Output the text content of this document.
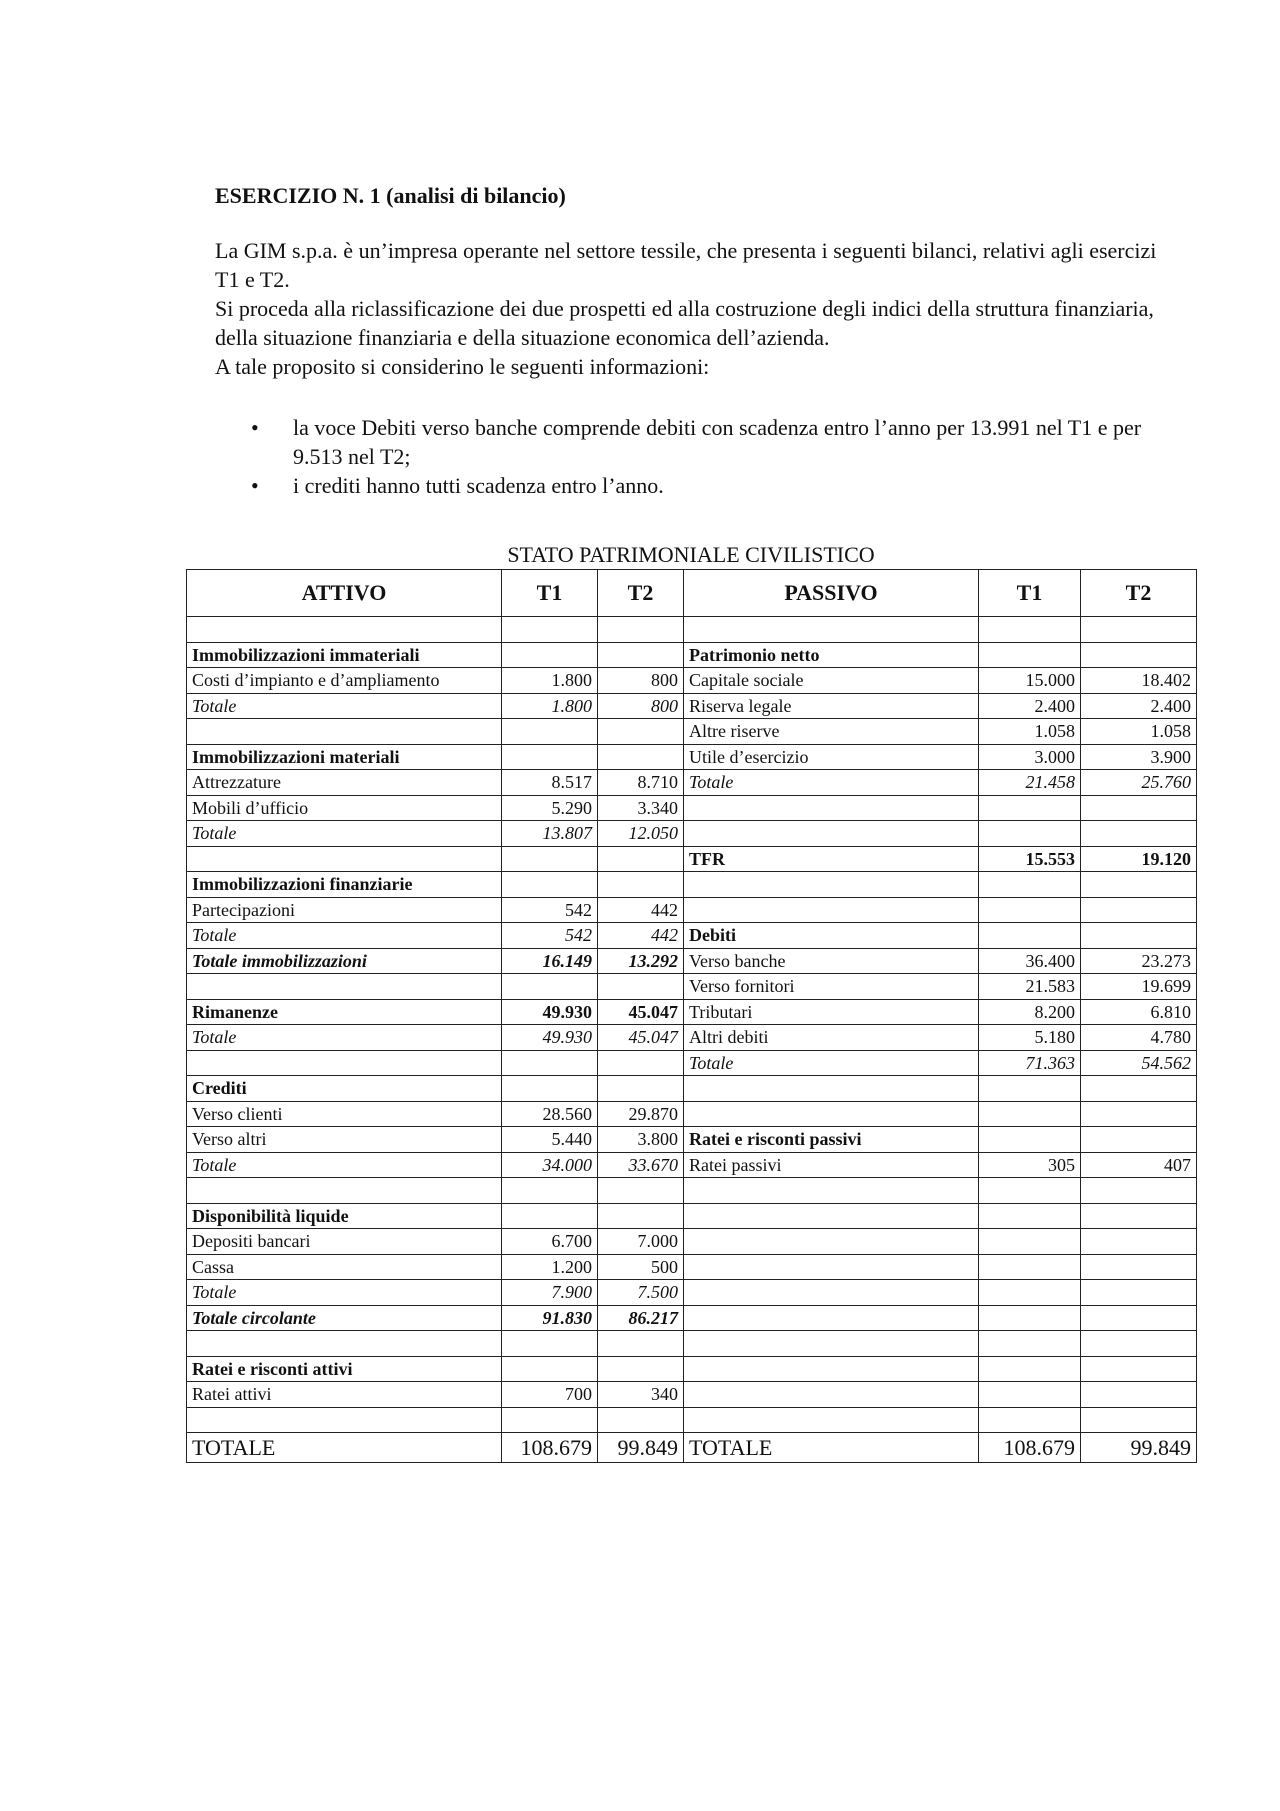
ESERCIZIO N. 1 (analisi di bilancio)

La GIM s.p.a. è un’impresa operante nel settore tessile, che presenta i seguenti bilanci, relativi agli esercizi T1 e T2.

Si proceda alla riclassificazione dei due prospetti ed alla costruzione degli indici della struttura finanziaria, della situazione finanziaria e della situazione economica dell’azienda.

A tale proposito si considerino le seguenti informazioni:

• la voce Debiti verso banche comprende debiti con scadenza entro l’anno per 13.991 nel T1 e per 9.513 nel T2;
• i crediti hanno tutti scadenza entro l’anno.
STATO PATRIMONIALE CIVILISTICO
ATTIVO	T1	T2	PASSIVO	T1	T2

Immobilizzazioni immateriali			Patrimonio netto		
Costi d’impianto e d’ampliamento	1.800	800	Capitale sociale	15.000	18.402
Totale	1.800	800	Riserva legale	2.400	2.400
			Altre riserve	1.058	1.058
Immobilizzazioni materiali			Utile d’esercizio	3.000	3.900
Attrezzature	8.517	8.710	Totale	21.458	25.760
Mobili d’ufficio	5.290	3.340			
Totale	13.807	12.050			
			TFR	15.553	19.120
Immobilizzazioni finanziarie					
Partecipazioni	542	442			
Totale	542	442	Debiti		
Totale immobilizzazioni	16.149	13.292	Verso banche	36.400	23.273
			Verso fornitori	21.583	19.699
Rimanenze	49.930	45.047	Tributari	8.200	6.810
Totale	49.930	45.047	Altri debiti	5.180	4.780
			Totale	71.363	54.562
Crediti					
Verso clienti	28.560	29.870			
Verso altri	5.440	3.800	Ratei e risconti passivi		
Totale	34.000	33.670	Ratei passivi	305	407

Disponibilità liquide					
Depositi bancari	6.700	7.000			
Cassa	1.200	500			
Totale	7.900	7.500			
Totale circolante	91.830	86.217			

Ratei e risconti attivi					
Ratei attivi	700	340			

TOTALE	108.679	99.849	TOTALE	108.679	99.849
